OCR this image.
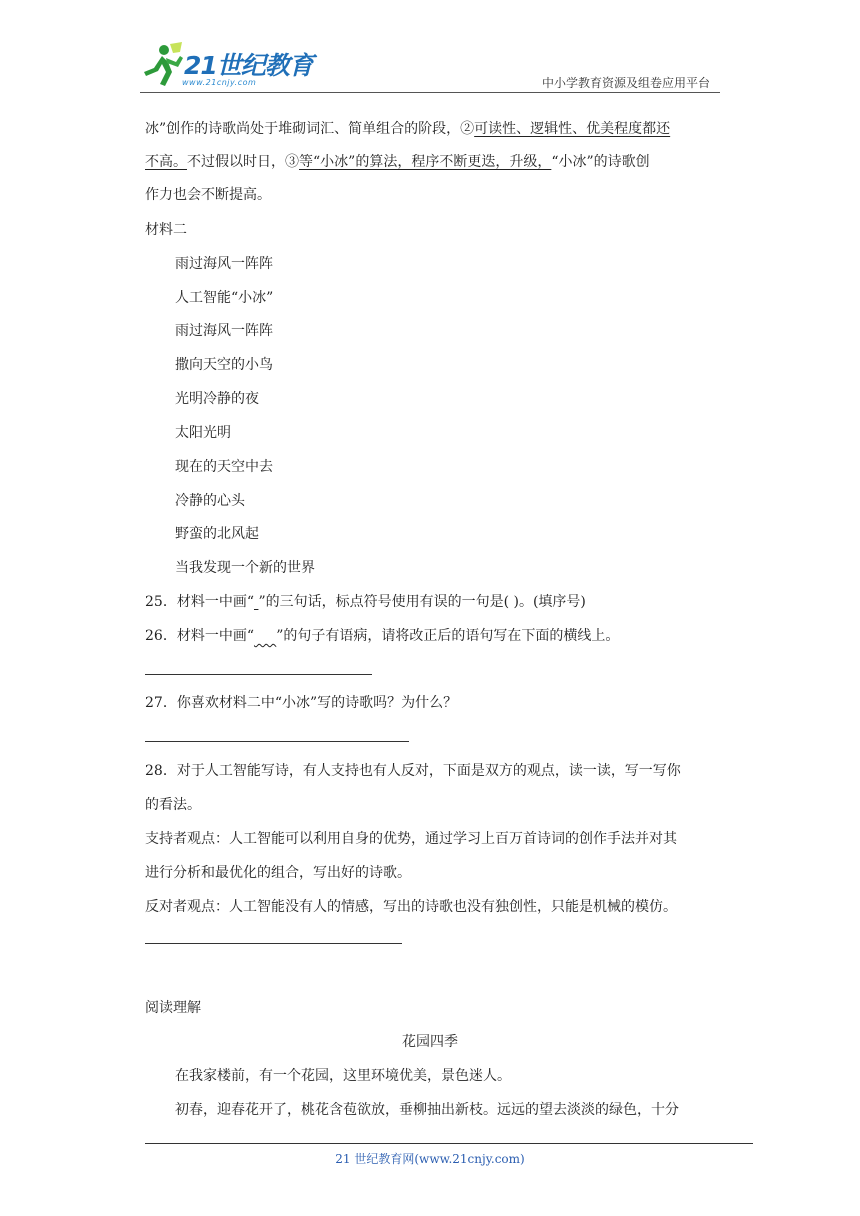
21世纪教育
www.21cnjy.com	中小学教育资源及组卷应用平台
冰”创作的诗歌尚处于堆砌词汇、简单组合的阶段，②可读性、逻辑性、优美程度都还
不高。不过假以时日，③等“小冰”的算法，程序不断更迭，升级，“小冰”的诗歌创
作力也会不断提高。
材料二
雨过海风一阵阵
人工智能“小冰”
雨过海风一阵阵
撒向天空的小鸟
光明冷静的夜
太阳光明
现在的天空中去
冷静的心头
野蛮的北风起
当我发现一个新的世界
25．材料一中画“ ”的三句话，标点符号使用有误的一句是( )。(填序号)
26．材料一中画“ ”的句子有语病，请将改正后的语句写在下面的横线上。
27．你喜欢材料二中“小冰”写的诗歌吗？为什么？
28．对于人工智能写诗，有人支持也有人反对，下面是双方的观点，读一读，写一写你
的看法。
支持者观点：人工智能可以利用自身的优势，通过学习上百万首诗词的创作手法并对其
进行分析和最优化的组合，写出好的诗歌。
反对者观点：人工智能没有人的情感，写出的诗歌也没有独创性，只能是机械的模仿。
阅读理解
花园四季
在我家楼前，有一个花园，这里环境优美，景色迷人。
初春，迎春花开了，桃花含苞欲放，垂柳抽出新枝。远远的望去淡淡的绿色，十分
21 世纪教育网(www.21cnjy.com)
